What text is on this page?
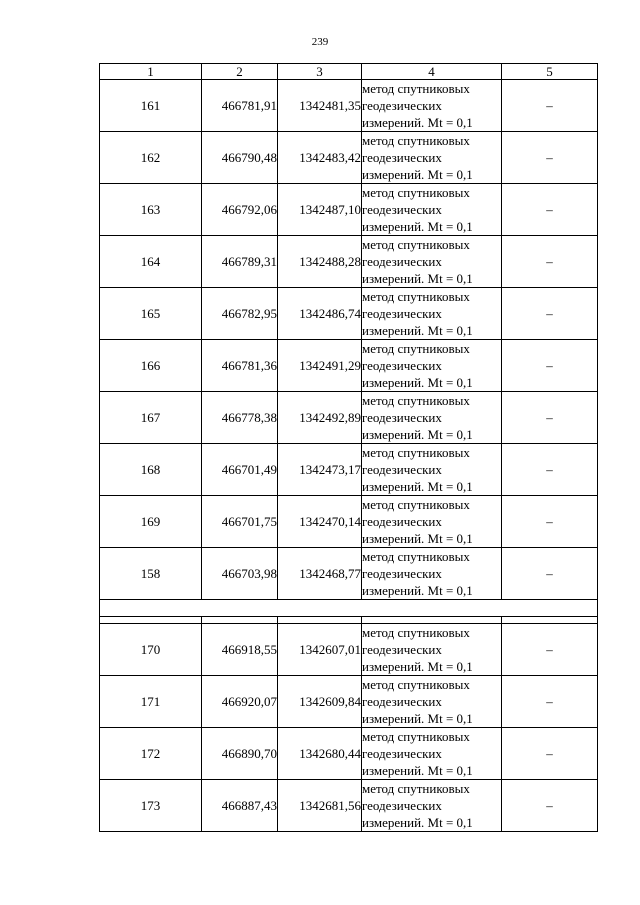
239
1	2	3	4	5
161	466781,91	1342481,35	метод спутниковых
геодезических
измерений. Mt = 0,1	–
162	466790,48	1342483,42	метод спутниковых
геодезических
измерений. Mt = 0,1	–
163	466792,06	1342487,10	метод спутниковых
геодезических
измерений. Mt = 0,1	–
164	466789,31	1342488,28	метод спутниковых
геодезических
измерений. Mt = 0,1	–
165	466782,95	1342486,74	метод спутниковых
геодезических
измерений. Mt = 0,1	–
166	466781,36	1342491,29	метод спутниковых
геодезических
измерений. Mt = 0,1	–
167	466778,38	1342492,89	метод спутниковых
геодезических
измерений. Mt = 0,1	–
168	466701,49	1342473,17	метод спутниковых
геодезических
измерений. Mt = 0,1	–
169	466701,75	1342470,14	метод спутниковых
геодезических
измерений. Mt = 0,1	–
158	466703,98	1342468,77	метод спутниковых
геодезических
измерений. Mt = 0,1	–

170	466918,55	1342607,01	метод спутниковых
геодезических
измерений. Mt = 0,1	–
171	466920,07	1342609,84	метод спутниковых
геодезических
измерений. Mt = 0,1	–
172	466890,70	1342680,44	метод спутниковых
геодезических
измерений. Mt = 0,1	–
173	466887,43	1342681,56	метод спутниковых
геодезических
измерений. Mt = 0,1	–
